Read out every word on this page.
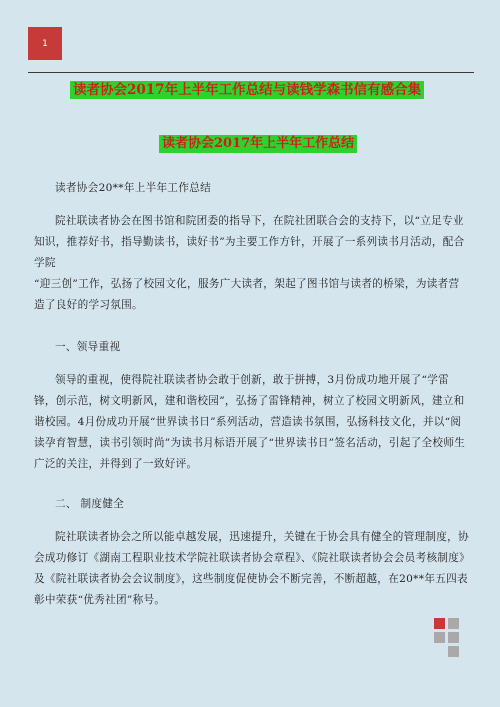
1
读者协会2017年上半年工作总结与读钱学森书信有感合集
读者协会2017年上半年工作总结

读者协会20**年上半年工作总结

院社联读者协会在图书馆和院团委的指导下，在院社团联合会的支持下，以“立足专业知识，推荐好书，指导勤读书，读好书”为主要工作方针，开展了一系列读书月活动，配合学院

“迎三创”工作，弘扬了校园文化，服务广大读者，架起了图书馆与读者的桥梁，为读者营造了良好的学习氛围。

一、领导重视

领导的重视，使得院社联读者协会敢于创新，敢于拼搏，3月份成功地开展了“学雷锋，创示范，树文明新风，建和谐校园”，弘扬了雷锋精神，树立了校园文明新风，建立和谐校园。4月份成功开展“世界读书日”系列活动，营造读书氛围，弘扬科技文化，并以“阅读孕育智慧，读书引领时尚”为读书月标语开展了“世界读书日”签名活动，引起了全校师生广泛的关注，并得到了一致好评。

二、 制度健全

院社联读者协会之所以能卓越发展，迅速提升，关键在于协会具有健全的管理制度，协会成功修订《湖南工程职业技术学院社联读者协会章程》、《院社联读者协会会员考核制度》及《院社联读者协会会议制度》，这些制度促使协会不断完善，不断超越，在20**年五四表彰中荣获“优秀社团”称号。
